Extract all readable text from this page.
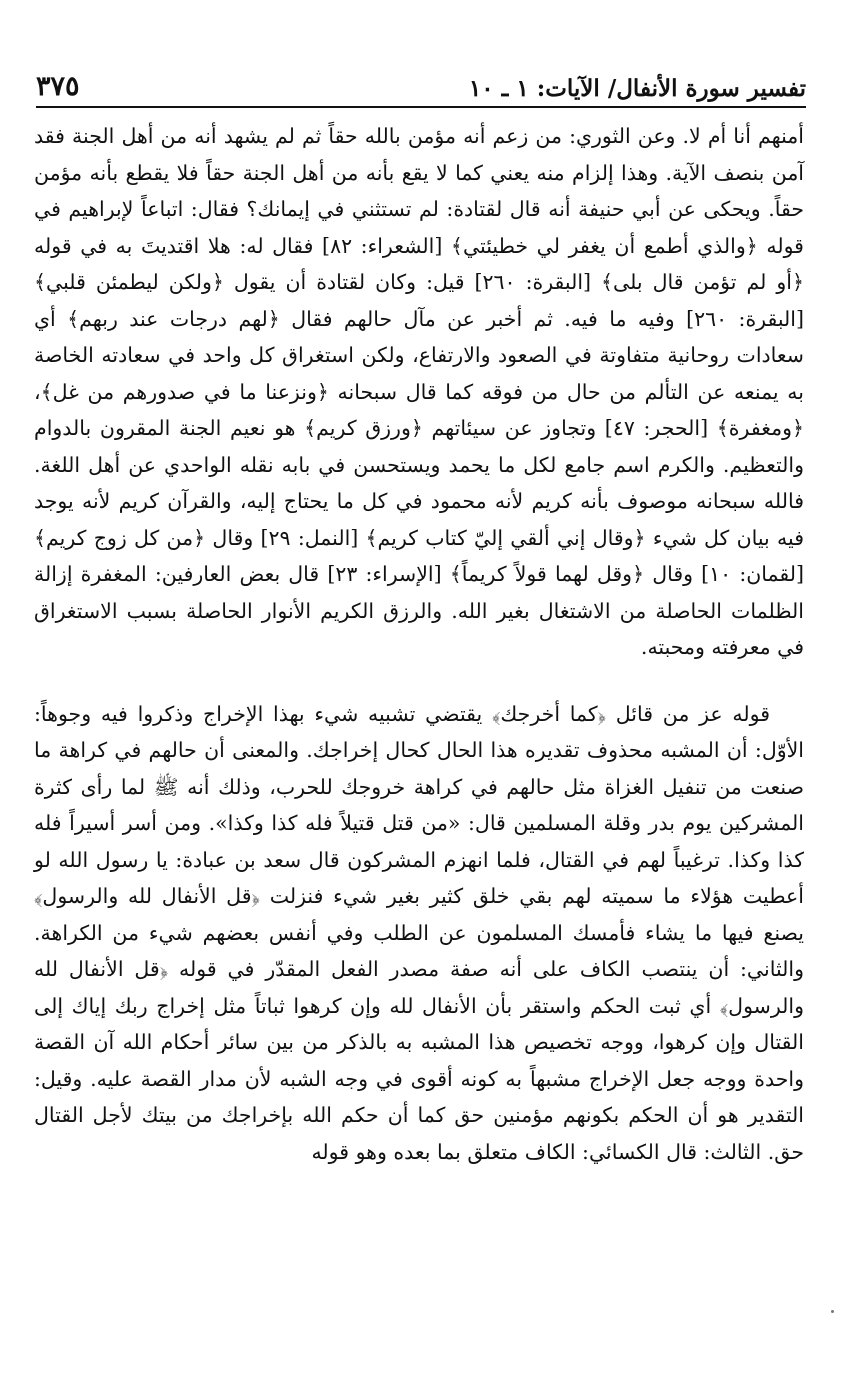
٣٧٥	تفسير سورة الأنفال/ الآيات: ١ ـ ١٠

أمنهم أنا أم لا. وعن الثوري: من زعم أنه مؤمن بالله حقاً ثم لم يشهد أنه من أهل الجنة فقد آمن بنصف الآية. وهذا إلزام منه يعني كما لا يقع بأنه من أهل الجنة حقاً فلا يقطع بأنه مؤمن حقاً. ويحكى عن أبي حنيفة أنه قال لقتادة: لم تستثني في إيمانك؟ فقال: اتباعاً لإبراهيم في قوله ﴿والذي أطمع أن يغفر لي خطيئتي﴾ [الشعراء: ٨٢] فقال له: هلا اقتديتَ به في قوله ﴿أو لم تؤمن قال بلى﴾ [البقرة: ٢٦٠] قيل: وكان لقتادة أن يقول ﴿ولكن ليطمئن قلبي﴾ [البقرة: ٢٦٠] وفيه ما فيه. ثم أخبر عن مآل حالهم فقال ﴿لهم درجات عند ربهم﴾ أي سعادات روحانية متفاوتة في الصعود والارتفاع، ولكن استغراق كل واحد في سعادته الخاصة به يمنعه عن التألم من حال من فوقه كما قال سبحانه ﴿ونزعنا ما في صدورهم من غل﴾، ﴿ومغفرة﴾ [الحجر: ٤٧] وتجاوز عن سيئاتهم ﴿ورزق كريم﴾ هو نعيم الجنة المقرون بالدوام والتعظيم. والكرم اسم جامع لكل ما يحمد ويستحسن في بابه نقله الواحدي عن أهل اللغة. فالله سبحانه موصوف بأنه كريم لأنه محمود في كل ما يحتاج إليه، والقرآن كريم لأنه يوجد فيه بيان كل شيء ﴿وقال إني ألقي إليّ كتاب كريم﴾ [النمل: ٢٩] وقال ﴿من كل زوج كريم﴾ [لقمان: ١٠] وقال ﴿وقل لهما قولاً كريماً﴾ [الإسراء: ٢٣] قال بعض العارفين: المغفرة إزالة الظلمات الحاصلة من الاشتغال بغير الله. والرزق الكريم الأنوار الحاصلة بسبب الاستغراق في معرفته ومحبته.

قوله عز من قائل ﴿كما أخرجك﴾ يقتضي تشبيه شيء بهذا الإخراج وذكروا فيه وجوهاً: الأوّل: أن المشبه محذوف تقديره هذا الحال كحال إخراجك. والمعنى أن حالهم في كراهة ما صنعت من تنفيل الغزاة مثل حالهم في كراهة خروجك للحرب، وذلك أنه ﷺ لما رأى كثرة المشركين يوم بدر وقلة المسلمين قال: «من قتل قتيلاً فله كذا وكذا». ومن أسر أسيراً فله كذا وكذا. ترغيباً لهم في القتال، فلما انهزم المشركون قال سعد بن عبادة: يا رسول الله لو أعطيت هؤلاء ما سميته لهم بقي خلق كثير بغير شيء فنزلت ﴿قل الأنفال لله والرسول﴾ يصنع فيها ما يشاء فأمسك المسلمون عن الطلب وفي أنفس بعضهم شيء من الكراهة. والثاني: أن ينتصب الكاف على أنه صفة مصدر الفعل المقدّر في قوله ﴿قل الأنفال لله والرسول﴾ أي ثبت الحكم واستقر بأن الأنفال لله وإن كرهوا ثباتاً مثل إخراج ربك إياك إلى القتال وإن كرهوا، ووجه تخصيص هذا المشبه به بالذكر من بين سائر أحكام الله آن القصة واحدة ووجه جعل الإخراج مشبهاً به كونه أقوى في وجه الشبه لأن مدار القصة عليه. وقيل: التقدير هو أن الحكم بكونهم مؤمنين حق كما أن حكم الله بإخراجك من بيتك لأجل القتال حق. الثالث: قال الكسائي: الكاف متعلق بما بعده وهو قوله
